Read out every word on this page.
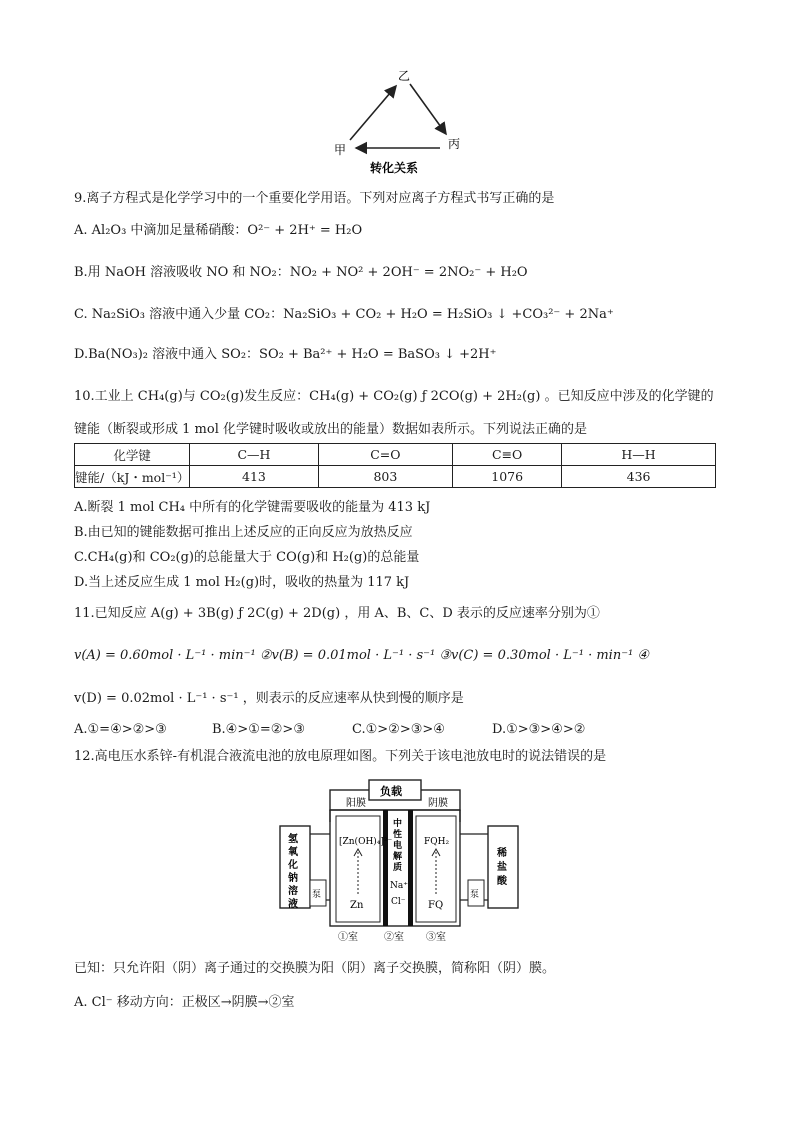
乙
甲	丙
转化关系
9.离子方程式是化学学习中的一个重要化学用语。下列对应离子方程式书写正确的是
A. Al₂O₃ 中滴加足量稀硝酸：O²⁻ + 2H⁺ = H₂O
B.用 NaOH 溶液吸收 NO 和 NO₂：NO₂ + NO² + 2OH⁻ = 2NO₂⁻ + H₂O
C. Na₂SiO₃ 溶液中通入少量 CO₂：Na₂SiO₃ + CO₂ + H₂O = H₂SiO₃ ↓ +CO₃²⁻ + 2Na⁺
D.Ba(NO₃)₂ 溶液中通入 SO₂：SO₂ + Ba²⁺ + H₂O = BaSO₃ ↓ +2H⁺
10.工业上 CH₄(g)与 CO₂(g)发生反应：CH₄(g) + CO₂(g) ƒ 2CO(g) + 2H₂(g) 。已知反应中涉及的化学键的
键能（断裂或形成 1 mol 化学键时吸收或放出的能量）数据如表所示。下列说法正确的是
化学键	C—H	C=O	C≡O	H—H
键能/（kJ・mol⁻¹）	413	803	1076	436
A.断裂 1 mol CH₄ 中所有的化学键需要吸收的能量为 413 kJ
B.由已知的键能数据可推出上述反应的正向反应为放热反应
C.CH₄(g)和 CO₂(g)的总能量大于 CO(g)和 H₂(g)的总能量
D.当上述反应生成 1 mol H₂(g)时，吸收的热量为 117 kJ
11.已知反应 A(g) + 3B(g) ƒ 2C(g) + 2D(g) ，用 A、B、C、D 表示的反应速率分别为①
v(A) = 0.60mol · L⁻¹ · min⁻¹ ②v(B) = 0.01mol · L⁻¹ · s⁻¹ ③v(C) = 0.30mol · L⁻¹ · min⁻¹ ④
v(D) = 0.02mol · L⁻¹ · s⁻¹ ，则表示的反应速率从快到慢的顺序是
A.①=④>②>③	B.④>①=②>③	C.①>②>③>④	D.①>③>④>②
12.高电压水系锌-有机混合液流电池的放电原理如图。下列关于该电池放电时的说法错误的是
负载
阳膜	阴膜
泵
氢氧化钠溶液
泵
稀盐酸
[Zn(OH)₄]²⁻
Zn
中性电解质
Na⁺
Cl⁻
FQH₂
FQ
①室	②室 ③室
已知：只允许阳（阴）离子通过的交换膜为阳（阴）离子交换膜，简称阳（阴）膜。
A. Cl⁻ 移动方向：正极区→阴膜→②室
